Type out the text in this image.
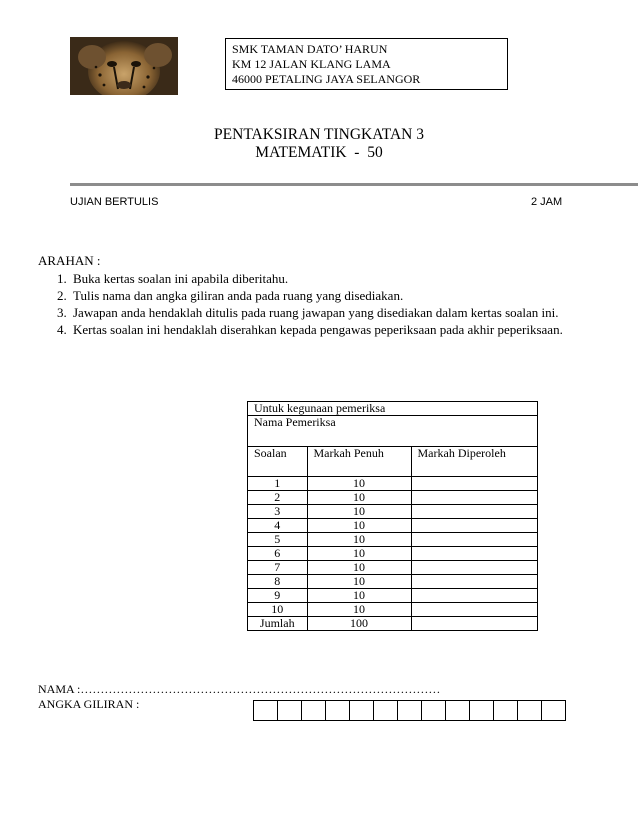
SMK TAMAN DATO’ HARUN
KM 12 JALAN KLANG LAMA
46000 PETALING JAYA SELANGOR
PENTAKSIRAN TINGKATAN 3
MATEMATIK  -  50
UJIAN BERTULIS	2 JAM
ARAHAN :
1. Buka kertas soalan ini apabila diberitahu.
2. Tulis nama dan angka giliran anda pada ruang yang disediakan.
3. Jawapan anda hendaklah ditulis pada ruang jawapan yang disediakan dalam kertas soalan ini.
4. Kertas soalan ini hendaklah diserahkan kepada pengawas peperiksaan pada akhir peperiksaan.
Untuk kegunaan pemeriksa		
Nama Pemeriksa		
Soalan	Markah Penuh	Markah Diperoleh
1	10	
2	10	
3	10	
4	10	
5	10	
6	10	
7	10	
8	10	
9	10	
10	10	
Jumlah	100	
NAMA :………………………………………………………………………………
ANGKA GILIRAN :
